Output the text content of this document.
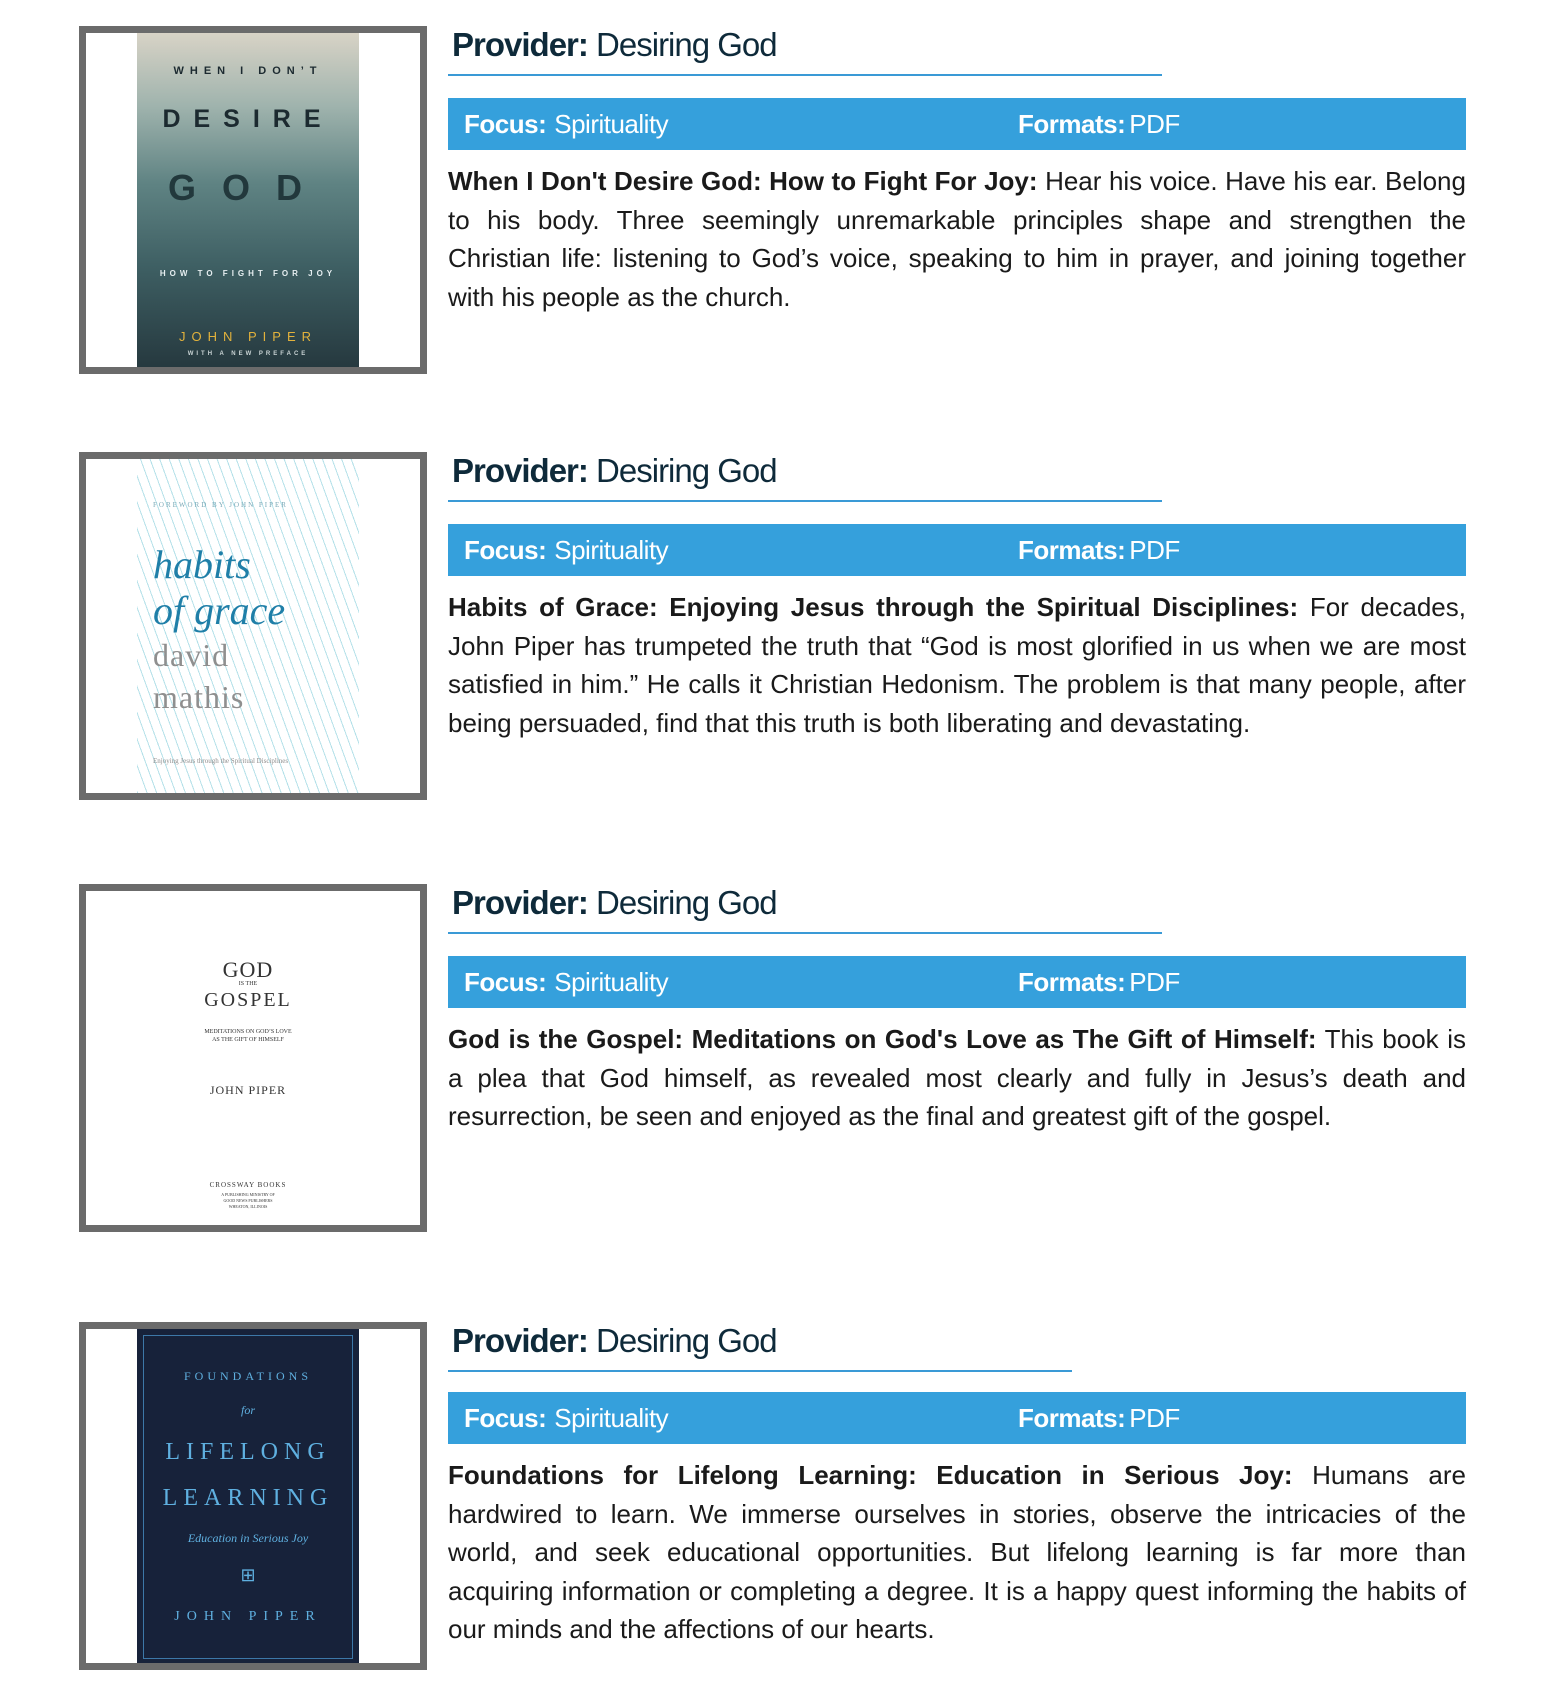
WHEN I DON’T
DESIRE
GOD
HOW TO FIGHT FOR JOY
JOHN PIPER
WITH A NEW PREFACE
Provider: Desiring God
Focus: Spirituality	Formats: PDF
When I Don't Desire God: How to Fight For Joy: Hear his voice. Have his ear. Belong to his body. Three seemingly unremarkable principles shape and strengthen the Christian life: listening to God’s voice, speaking to him in prayer, and joining together with his people as the church.
FOREWORD BY JOHN PIPER
habits
of grace
david
mathis
Enjoying Jesus through the Spiritual Disciplines
Provider: Desiring God
Focus: Spirituality	Formats: PDF
Habits of Grace: Enjoying Jesus through the Spiritual Disciplines: For decades, John Piper has trumpeted the truth that “God is most glorified in us when we are most satisfied in him.” He calls it Christian Hedonism. The problem is that many people, after being persuaded, find that this truth is both liberating and devastating.
GOD
IS THE
GOSPEL
MEDITATIONS ON GOD’S LOVE
AS THE GIFT OF HIMSELF
JOHN PIPER
CROSSWAY BOOKS
A PUBLISHING MINISTRY OF
GOOD NEWS PUBLISHERS
WHEATON, ILLINOIS
Provider: Desiring God
Focus: Spirituality	Formats: PDF
God is the Gospel: Meditations on God's Love as The Gift of Himself: This book is a plea that God himself, as revealed most clearly and fully in Jesus’s death and resurrection, be seen and enjoyed as the final and greatest gift of the gospel.
FOUNDATIONS
for
LIFELONG
LEARNING
Education in Serious Joy
⊞
JOHN PIPER
Provider: Desiring God
Focus: Spirituality	Formats: PDF
Foundations for Lifelong Learning: Education in Serious Joy: Humans are hardwired to learn. We immerse ourselves in stories, observe the intricacies of the world, and seek educational opportunities. But lifelong learning is far more than acquiring information or completing a degree. It is a happy quest informing the habits of our minds and the affections of our hearts.
